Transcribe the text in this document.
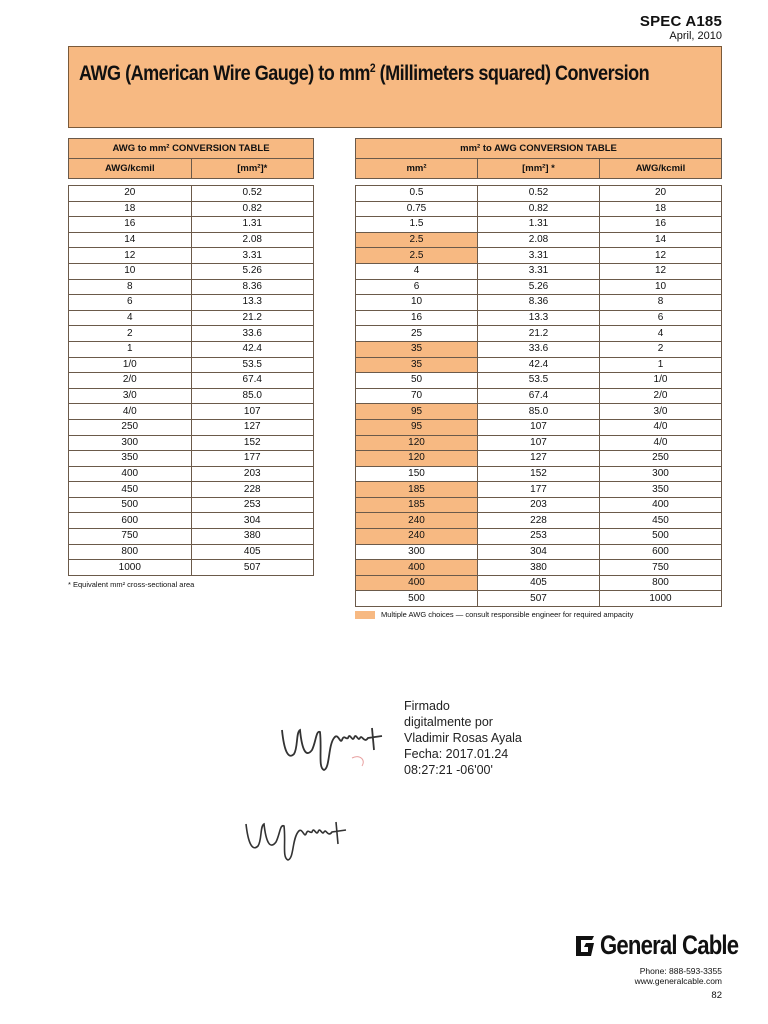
SPEC A185
April, 2010
AWG (American Wire Gauge) to $mm^2$ (Millimeters squared) Conversion
AWG to mm² CONVERSION TABLE	
AWG/kcmil	[mm²]*

20	0.52
18	0.82
16	1.31
14	2.08
12	3.31
10	5.26
8	8.36
6	13.3
4	21.2
2	33.6
1	42.4
1/0	53.5
2/0	67.4
3/0	85.0
4/0	107
250	127
300	152
350	177
400	203
450	228
500	253
600	304
750	380
800	405
1000	507
* Equivalent mm² cross-sectional area
mm² to AWG CONVERSION TABLE		
mm²	[mm²] *	AWG/kcmil

0.5	0.52	20
0.75	0.82	18
1.5	1.31	16
2.5	2.08	14
2.5	3.31	12
4	3.31	12
6	5.26	10
10	8.36	8
16	13.3	6
25	21.2	4
35	33.6	2
35	42.4	1
50	53.5	1/0
70	67.4	2/0
95	85.0	3/0
95	107	4/0
120	107	4/0
120	127	250
150	152	300
185	177	350
185	203	400
240	228	450
240	253	500
300	304	600
400	380	750
400	405	800
500	507	1000
Multiple AWG choices — consult responsible engineer for required ampacity
Firmado
digitalmente por
Vladimir Rosas Ayala
Fecha: 2017.01.24
08:27:21 -06'00'
General Cable
Phone: 888-593-3355
www.generalcable.com
82
